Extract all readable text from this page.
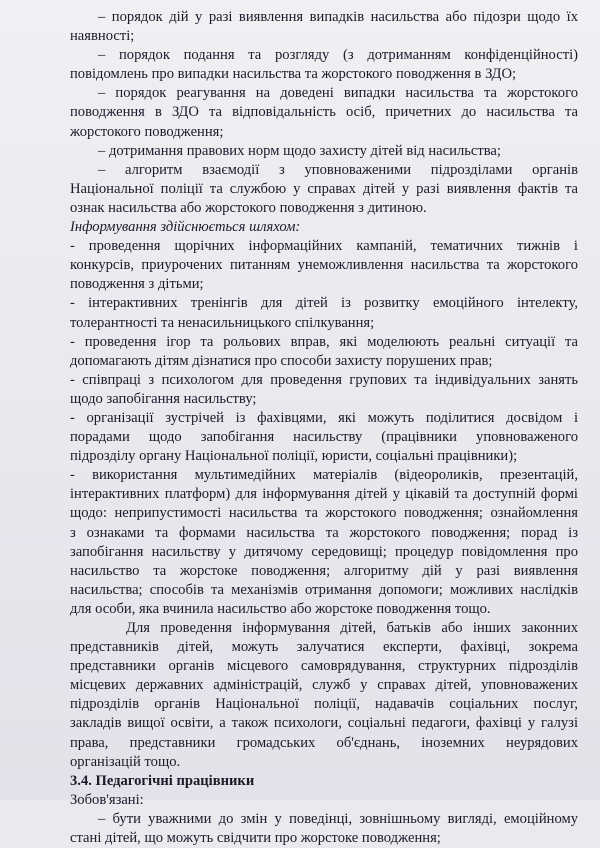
– порядок дій у разі виявлення випадків насильства або підозри щодо їх

наявності;

– порядок подання та розгляду (з дотриманням конфіденційності)

повідомлень про випадки насильства та жорстокого поводження в ЗДО;

– порядок реагування на доведені випадки насильства та жорстокого

поводження в ЗДО та відповідальність осіб, причетних до насильства та

жорстокого поводження;

– дотримання правових норм щодо захисту дітей від насильства;

– алгоритм взаємодії з уповноваженими підрозділами органів

Національної поліції та службою у справах дітей у разі виявлення фактів та

ознак насильства або жорстокого поводження з дитиною.

Інформування здійснюється шляхом:

- проведення щорічних інформаційних кампаній, тематичних тижнів і

конкурсів, приурочених питанням унеможливлення насильства та жорстокого

поводження з дітьми;

- інтерактивних тренінгів для дітей із розвитку емоційного інтелекту,

толерантності та ненасильницького спілкування;

- проведення ігор та рольових вправ, які моделюють реальні ситуації та

допомагають дітям дізнатися про способи захисту порушених прав;

- співпраці з психологом для проведення групових та індивідуальних занять

щодо запобігання насильству;

- організації зустрічей із фахівцями, які можуть поділитися досвідом і

порадами щодо запобігання насильству (працівники уповноваженого

підрозділу органу Національної поліції, юристи, соціальні працівники);

- використання мультимедійних матеріалів (відеороликів, презентацій,

інтерактивних платформ) для інформування дітей у цікавій та доступній формі

щодо: неприпустимості насильства та жорстокого поводження; ознайомлення

з ознаками та формами насильства та жорстокого поводження; порад із

запобігання насильству у дитячому середовищі; процедур повідомлення про

насильство та жорстоке поводження; алгоритму дій у разі виявлення

насильства; способів та механізмів отримання допомоги; можливих наслідків

для особи, яка вчинила насильство або жорстоке поводження тощо.

Для проведення інформування дітей, батьків або інших законних

представників дітей, можуть залучатися експерти, фахівці, зокрема

представники органів місцевого самоврядування, структурних підрозділів

місцевих державних адміністрацій, служб у справах дітей, уповноважених

підрозділів органів Національної поліції, надавачів соціальних послуг,

закладів вищої освіти, а також психологи, соціальні педагоги, фахівці у галузі

права, представники громадських об'єднань, іноземних неурядових

організацій тощо.

3.4. Педагогічні працівники

Зобов'язані:

– бути уважними до змін у поведінці, зовнішньому вигляді, емоційному

стані дітей, що можуть свідчити про жорстоке поводження;
